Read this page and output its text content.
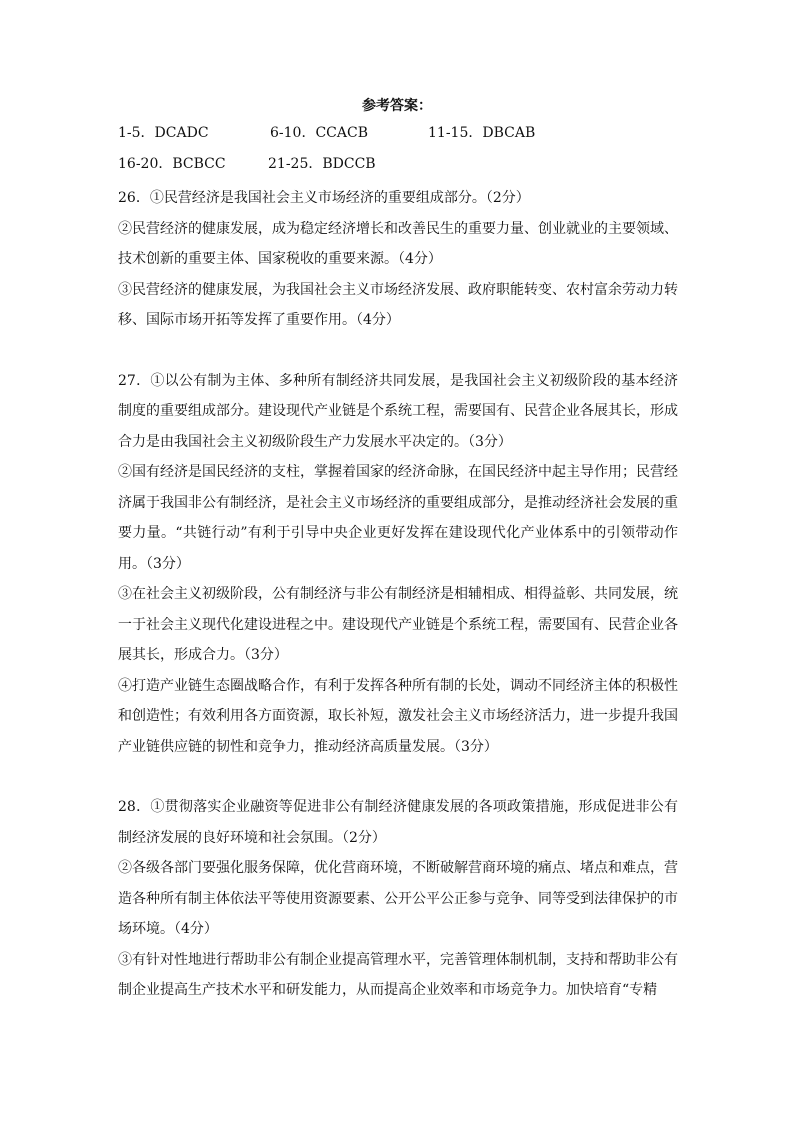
参考答案：
1-5．DCADC	6-10．CCACB	11-15．DBCAB
16-20．BCBCC	21-25．BDCCB

26．①民营经济是我国社会主义市场经济的重要组成部分。（2分）

②民营经济的健康发展，成为稳定经济增长和改善民生的重要力量、创业就业的主要领域、技术创新的重要主体、国家税收的重要来源。（4分）

③民营经济的健康发展，为我国社会主义市场经济发展、政府职能转变、农村富余劳动力转移、国际市场开拓等发挥了重要作用。（4分）

27．①以公有制为主体、多种所有制经济共同发展，是我国社会主义初级阶段的基本经济制度的重要组成部分。建设现代产业链是个系统工程，需要国有、民营企业各展其长，形成合力是由我国社会主义初级阶段生产力发展水平决定的。（3分）

②国有经济是国民经济的支柱，掌握着国家的经济命脉，在国民经济中起主导作用；民营经济属于我国非公有制经济，是社会主义市场经济的重要组成部分，是推动经济社会发展的重要力量。“共链行动”有利于引导中央企业更好发挥在建设现代化产业体系中的引领带动作用。（3分）

③在社会主义初级阶段，公有制经济与非公有制经济是相辅相成、相得益彰、共同发展，统一于社会主义现代化建设进程之中。建设现代产业链是个系统工程，需要国有、民营企业各展其长，形成合力。（3分）

④打造产业链生态圈战略合作，有利于发挥各种所有制的长处，调动不同经济主体的积极性和创造性；有效利用各方面资源，取长补短，激发社会主义市场经济活力，进一步提升我国产业链供应链的韧性和竞争力，推动经济高质量发展。（3分）

28．①贯彻落实企业融资等促进非公有制经济健康发展的各项政策措施，形成促进非公有制经济发展的良好环境和社会氛围。（2分）

②各级各部门要强化服务保障，优化营商环境，不断破解营商环境的痛点、堵点和难点，营造各种所有制主体依法平等使用资源要素、公开公平公正参与竞争、同等受到法律保护的市场环境。（4分）

③有针对性地进行帮助非公有制企业提高管理水平，完善管理体制机制，支持和帮助非公有制企业提高生产技术水平和研发能力，从而提高企业效率和市场竞争力。加快培育“专精
